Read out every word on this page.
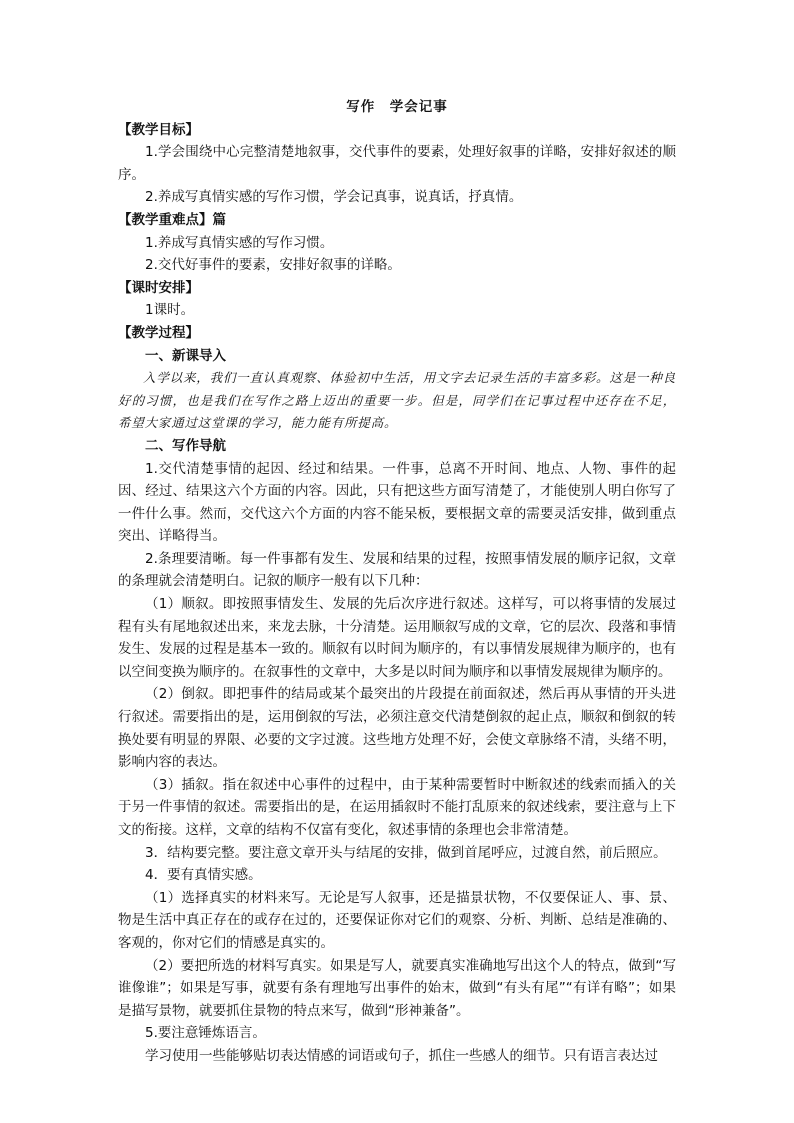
写作　学会记事

【教学目标】

1.学会围绕中心完整清楚地叙事，交代事件的要素，处理好叙事的详略，安排好叙述的顺序。

2.养成写真情实感的写作习惯，学会记真事，说真话，抒真情。

【教学重难点】篇

1.养成写真情实感的写作习惯。

2.交代好事件的要素，安排好叙事的详略。

【课时安排】

1课时。

【教学过程】

一、新课导入

入学以来，我们一直认真观察、体验初中生活，用文字去记录生活的丰富多彩。这是一种良好的习惯，也是我们在写作之路上迈出的重要一步。但是，同学们在记事过程中还存在不足，希望大家通过这堂课的学习，能力能有所提高。

二、写作导航

1.交代清楚事情的起因、经过和结果。一件事，总离不开时间、地点、人物、事件的起因、经过、结果这六个方面的内容。因此，只有把这些方面写清楚了，才能使别人明白你写了一件什么事。然而，交代这六个方面的内容不能呆板，要根据文章的需要灵活安排，做到重点突出、详略得当。

2.条理要清晰。每一件事都有发生、发展和结果的过程，按照事情发展的顺序记叙，文章的条理就会清楚明白。记叙的顺序一般有以下几种：

（1）顺叙。即按照事情发生、发展的先后次序进行叙述。这样写，可以将事情的发展过程有头有尾地叙述出来，来龙去脉，十分清楚。运用顺叙写成的文章，它的层次、段落和事情发生、发展的过程是基本一致的。顺叙有以时间为顺序的，有以事情发展规律为顺序的，也有以空间变换为顺序的。在叙事性的文章中，大多是以时间为顺序和以事情发展规律为顺序的。

（2）倒叙。即把事件的结局或某个最突出的片段提在前面叙述，然后再从事情的开头进行叙述。需要指出的是，运用倒叙的写法，必须注意交代清楚倒叙的起止点，顺叙和倒叙的转换处要有明显的界限、必要的文字过渡。这些地方处理不好，会使文章脉络不清，头绪不明，影响内容的表达。

（3）插叙。指在叙述中心事件的过程中，由于某种需要暂时中断叙述的线索而插入的关于另一件事情的叙述。需要指出的是，在运用插叙时不能打乱原来的叙述线索，要注意与上下文的衔接。这样，文章的结构不仅富有变化，叙述事情的条理也会非常清楚。

3．结构要完整。要注意文章开头与结尾的安排，做到首尾呼应，过渡自然，前后照应。

4．要有真情实感。

（1）选择真实的材料来写。无论是写人叙事，还是描景状物，不仅要保证人、事、景、物是生活中真正存在的或存在过的，还要保证你对它们的观察、分析、判断、总结是准确的、客观的，你对它们的情感是真实的。

（2）要把所选的材料写真实。如果是写人，就要真实准确地写出这个人的特点，做到“写谁像谁”；如果是写事，就要有条有理地写出事件的始末，做到“有头有尾”“有详有略”；如果是描写景物，就要抓住景物的特点来写，做到“形神兼备”。

5.要注意锤炼语言。

学习使用一些能够贴切表达情感的词语或句子，抓住一些感人的细节。只有语言表达过
